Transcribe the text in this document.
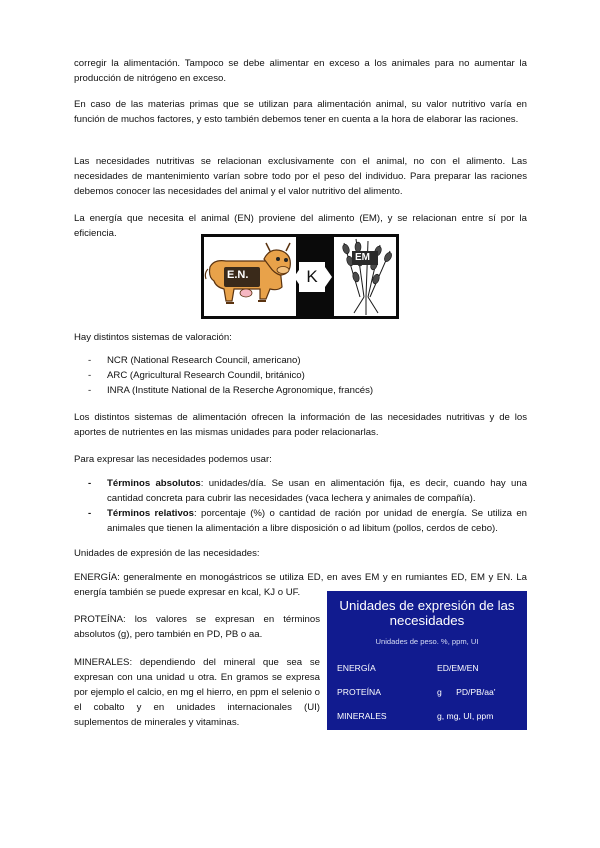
corregir la alimentación. Tampoco se debe alimentar en exceso a los animales para no aumentar la producción de nitrógeno en exceso.

En caso de las materias primas que se utilizan para alimentación animal, su valor nutritivo varía en función de muchos factores, y esto también debemos tener en cuenta a la hora de elaborar las raciones.

Las necesidades nutritivas se relacionan exclusivamente con el animal, no con el alimento. Las necesidades de mantenimiento varían sobre todo por el peso del individuo. Para preparar las raciones debemos conocer las necesidades del animal y el valor nutritivo del alimento.

La energía que necesita el animal (EN) proviene del alimento (EM), y se relacionan entre sí por la eficiencia.

E.N.	K
EM

Hay distintos sistemas de valoración:

-	NCR (National Research Council, americano)
-	ARC (Agricultural Research Coundil, británico)
-	INRA (Institute National de la Reserche Agronomique, francés)

Los distintos sistemas de alimentación ofrecen la información de las necesidades nutritivas y de los aportes de nutrientes en las mismas unidades para poder relacionarlas.

Para expresar las necesidades podemos usar:

-	Términos absolutos: unidades/día. Se usan en alimentación fija, es decir, cuando hay una cantidad concreta para cubrir las necesidades (vaca lechera y animales de compañía).
-	Términos relativos: porcentaje (%) o cantidad de ración por unidad de energía. Se utiliza en animales que tienen la alimentación a libre disposición o ad libitum (pollos, cerdos de cebo).

Unidades de expresión de las necesidades:

ENERGÍA: generalmente en monogástricos se utiliza ED, en aves EM y en rumiantes ED, EM y EN. La energía también se puede expresar en kcal, KJ o UF.

PROTEÍNA: los valores se expresan en términos absolutos (g), pero también en PD, PB o aa.

MINERALES: dependiendo del mineral que sea se expresan con una unidad u otra. En gramos se expresa por ejemplo el calcio, en mg el hierro, en ppm el selenio o el cobalto y en unidades internacionales (UI) suplementos de minerales y vitaminas.

Unidades de expresión de las necesidades
Unidades de peso. %, ppm, UI
ENERGÍA	ED/EM/EN
PROTEÍNA	g      PD/PB/aa'
MINERALES	g, mg, UI, ppm
